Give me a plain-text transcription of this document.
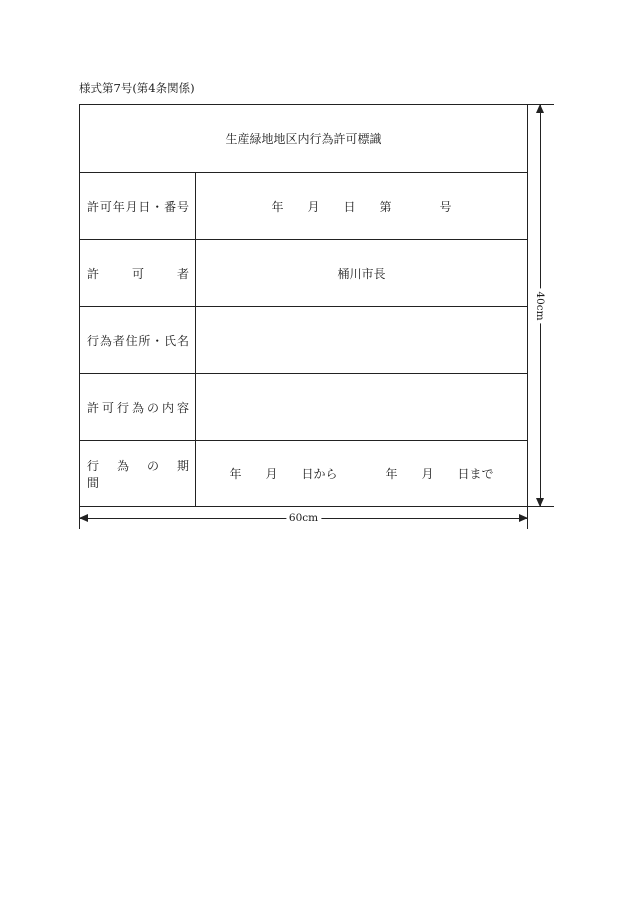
様式第7号(第4条関係)
生産緑地地区内行為許可標識
許可年月日・番号	年　　月　　日　　第　　　　号
許　　可　　者	桶川市長
行為者住所・氏名
許可行為の内容
行　為　の　期　間
年　　月　　日から　　　　年　　月　　日まで
40cm
60cm
